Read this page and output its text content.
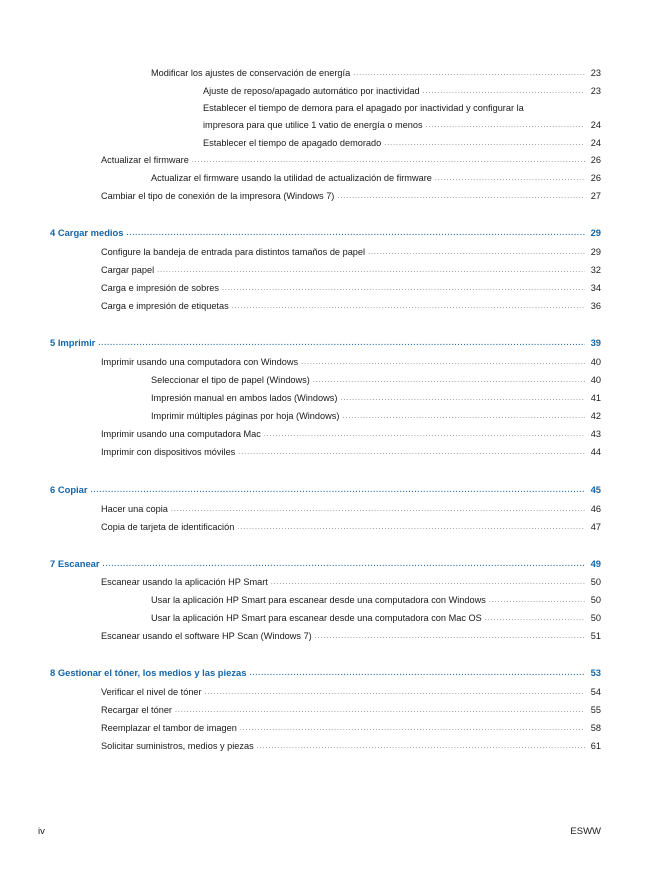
Modificar los ajustes de conservación de energía .....	23
Ajuste de reposo/apagado automático por inactividad .....	23
Establecer el tiempo de demora para el apagado por inactividad y configurar la
impresora para que utilice 1 vatio de energía o menos .....	24
Establecer el tiempo de apagado demorado .....	24
Actualizar el firmware .....	26
Actualizar el firmware usando la utilidad de actualización de firmware .....	26
Cambiar el tipo de conexión de la impresora (Windows 7) .....	27
4 Cargar medios .....	29
Configure la bandeja de entrada para distintos tamaños de papel .....	29
Cargar papel .....	32
Carga e impresión de sobres .....	34
Carga e impresión de etiquetas .....	36
5 Imprimir .....	39
Imprimir usando una computadora con Windows .....	40
Seleccionar el tipo de papel (Windows) .....	40
Impresión manual en ambos lados (Windows) .....	41
Imprimir múltiples páginas por hoja (Windows) .....	42
Imprimir usando una computadora Mac .....	43
Imprimir con dispositivos móviles .....	44
6 Copiar .....	45
Hacer una copia .....	46
Copia de tarjeta de identificación .....	47
7 Escanear .....	49
Escanear usando la aplicación HP Smart .....	50
Usar la aplicación HP Smart para escanear desde una computadora con Windows .....	50
Usar la aplicación HP Smart para escanear desde una computadora con Mac OS .....	50
Escanear usando el software HP Scan (Windows 7) .....	51
8 Gestionar el tóner, los medios y las piezas .....	53
Verificar el nivel de tóner .....	54
Recargar el tóner .....	55
Reemplazar el tambor de imagen .....	58
Solicitar suministros, medios y piezas .....	61
iv	ESWW
